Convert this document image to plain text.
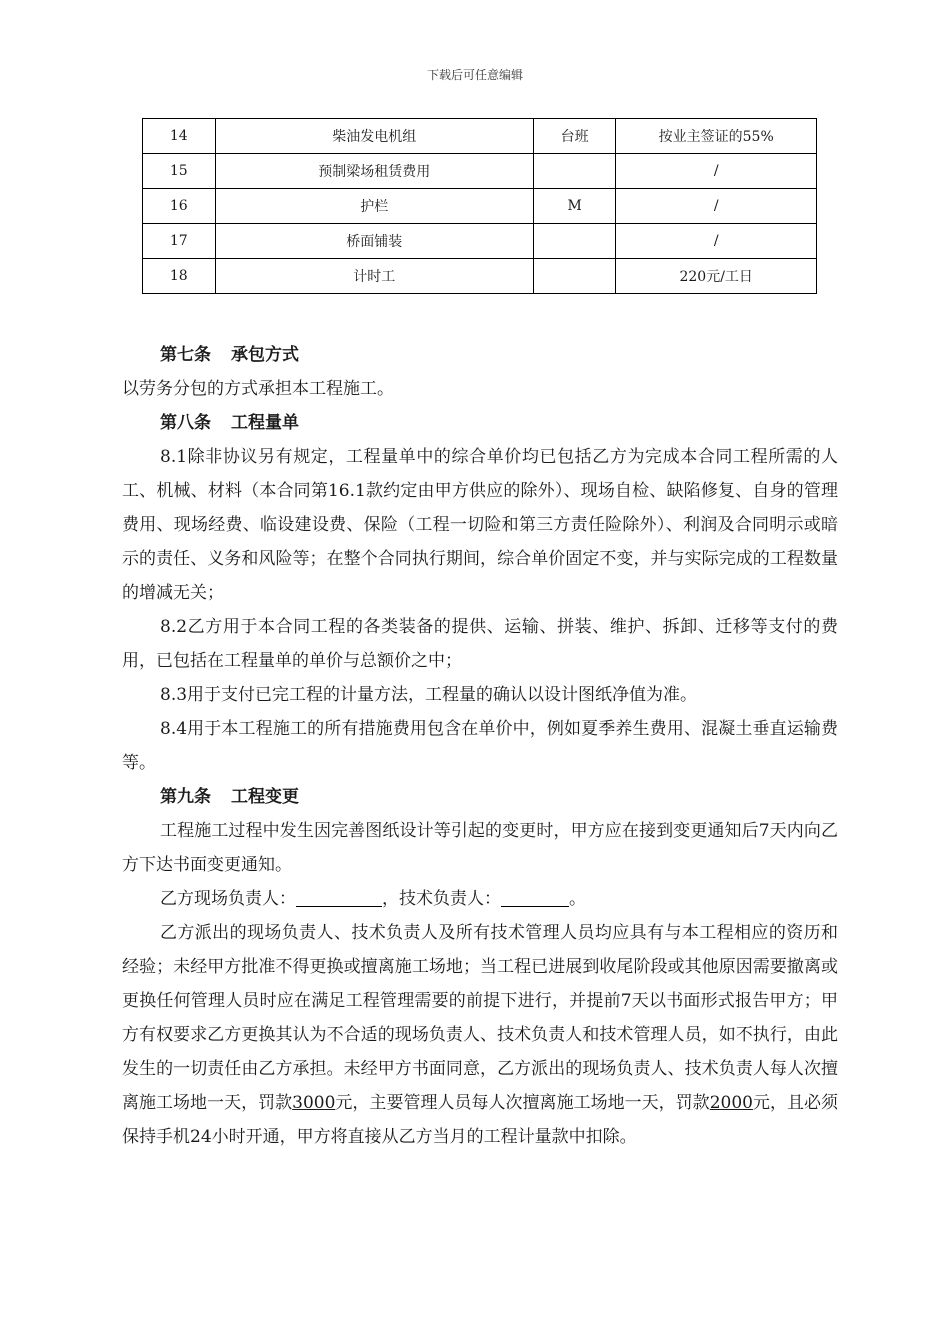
下载后可任意编辑
14	柴油发电机组	台班	按业主签证的55%
15	预制梁场租赁费用		/
16	护栏	M	/
17	桥面铺装		/
18	计时工		220元/工日

第七条 承包方式

以劳务分包的方式承担本工程施工。

第八条 工程量单

8.1除非协议另有规定，工程量单中的综合单价均已包括乙方为完成本合同工程所需的人工、机械、材料（本合同第16.1款约定由甲方供应的除外）、现场自检、缺陷修复、自身的管理费用、现场经费、临设建设费、保险（工程一切险和第三方责任险除外）、利润及合同明示或暗示的责任、义务和风险等；在整个合同执行期间，综合单价固定不变，并与实际完成的工程数量的增减无关；

8.2乙方用于本合同工程的各类装备的提供、运输、拼装、维护、拆卸、迁移等支付的费用，已包括在工程量单的单价与总额价之中；

8.3用于支付已完工程的计量方法，工程量的确认以设计图纸净值为准。

8.4用于本工程施工的所有措施费用包含在单价中，例如夏季养生费用、混凝土垂直运输费等。

第九条 工程变更

工程施工过程中发生因完善图纸设计等引起的变更时，甲方应在接到变更通知后7天内向乙方下达书面变更通知。

乙方现场负责人：	，技术负责人：	。

乙方派出的现场负责人、技术负责人及所有技术管理人员均应具有与本工程相应的资历和经验；未经甲方批准不得更换或擅离施工场地；当工程已进展到收尾阶段或其他原因需要撤离或更换任何管理人员时应在满足工程管理需要的前提下进行，并提前7天以书面形式报告甲方；甲方有权要求乙方更换其认为不合适的现场负责人、技术负责人和技术管理人员，如不执行，由此发生的一切责任由乙方承担。未经甲方书面同意，乙方派出的现场负责人、技术负责人每人次擅离施工场地一天，罚款3000元，主要管理人员每人次擅离施工场地一天，罚款2000元，且必须保持手机24小时开通，甲方将直接从乙方当月的工程计量款中扣除。
